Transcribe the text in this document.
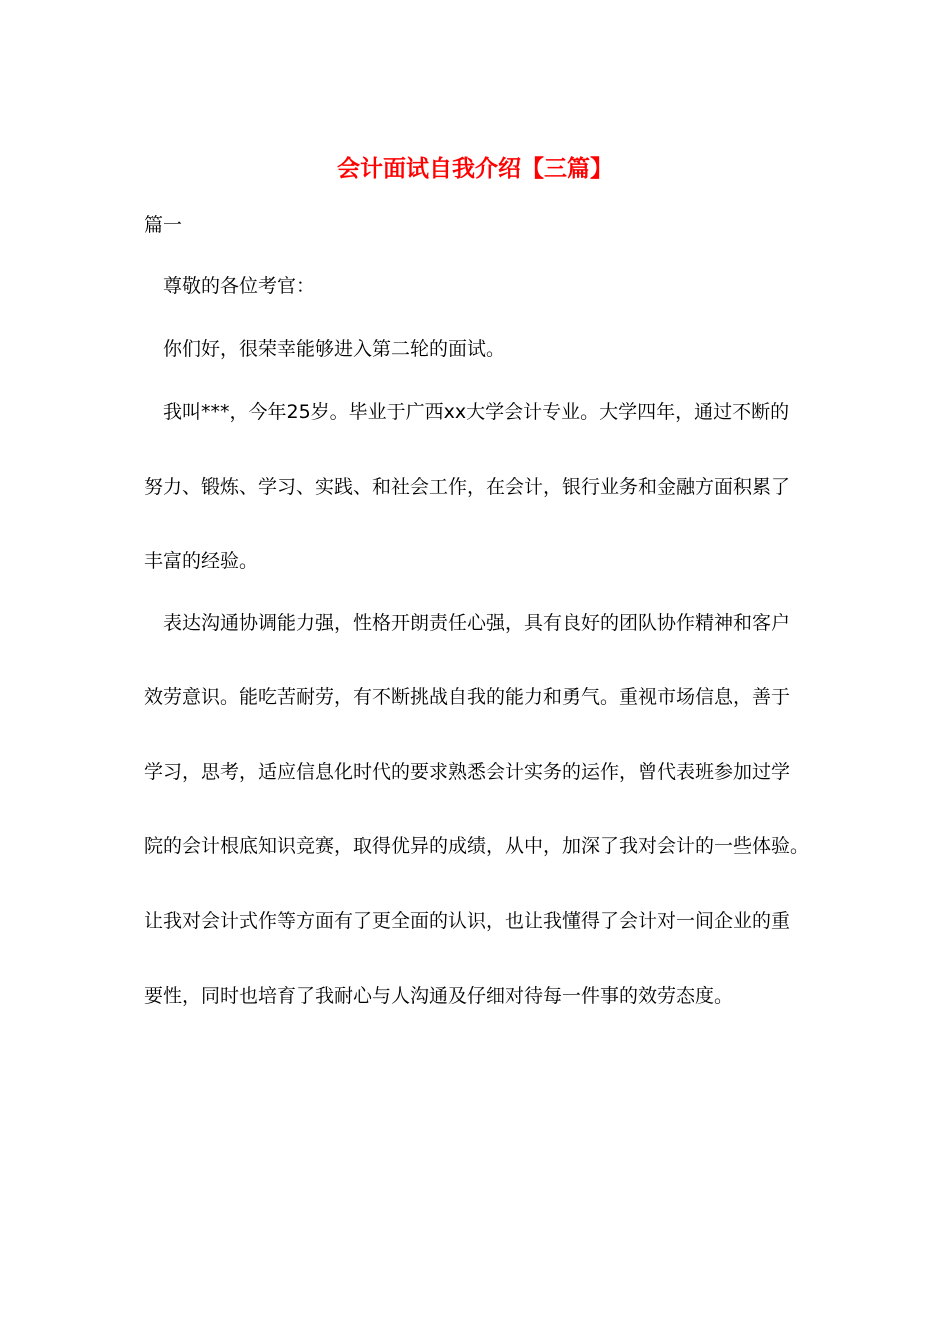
会计面试自我介绍【三篇】
篇一
尊敬的各位考官：
你们好，很荣幸能够进入第二轮的面试。
我叫***，今年25岁。毕业于广西xx大学会计专业。大学四年，通过不断的
努力、锻炼、学习、实践、和社会工作，在会计，银行业务和金融方面积累了
丰富的经验。
表达沟通协调能力强，性格开朗责任心强，具有良好的团队协作精神和客户
效劳意识。能吃苦耐劳，有不断挑战自我的能力和勇气。重视市场信息，善于
学习，思考，适应信息化时代的要求熟悉会计实务的运作，曾代表班参加过学
院的会计根底知识竞赛，取得优异的成绩，从中，加深了我对会计的一些体验。
让我对会计式作等方面有了更全面的认识，也让我懂得了会计对一间企业的重
要性，同时也培育了我耐心与人沟通及仔细对待每一件事的效劳态度。
